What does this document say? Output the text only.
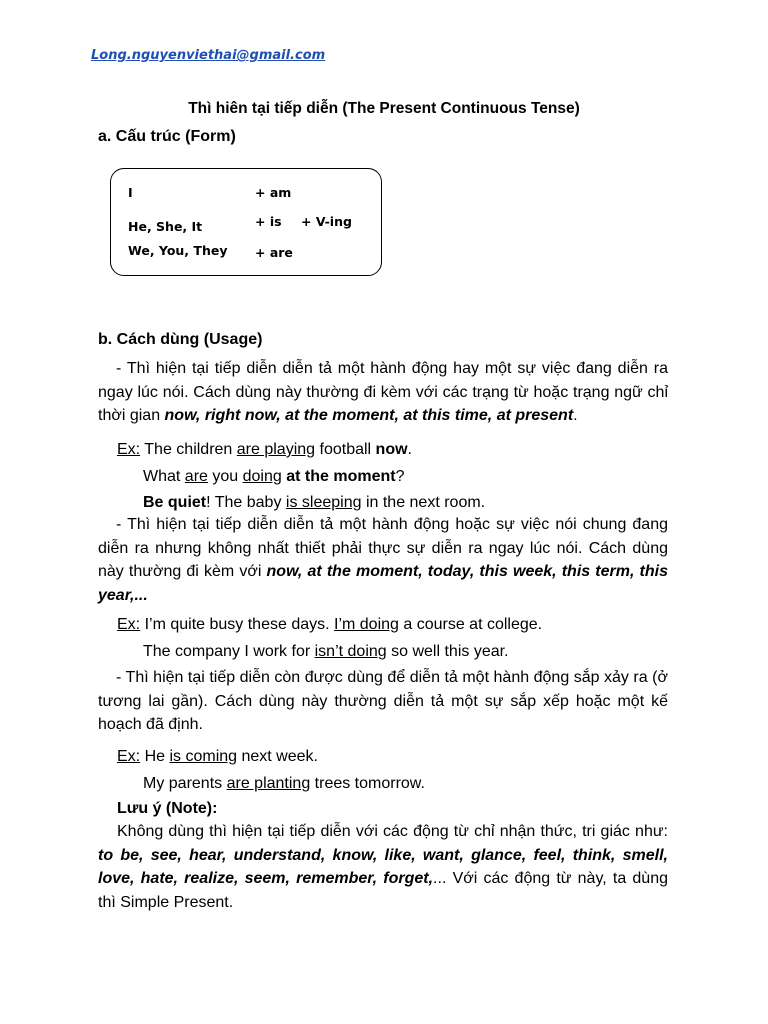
Long.nguyenviethai@gmail.com
Thì hiên tại tiếp diễn (The Present Continuous Tense)
a. Cấu trúc (Form)
I
He, She, It
We, You, They
+ am
+ is
+ are
+ V-ing
b. Cách dùng (Usage)
- Thì hiện tại tiếp diễn diễn tả một hành động hay một sự việc đang diễn ra ngay lúc nói. Cách dùng này thường đi kèm với các trạng từ hoặc trạng ngữ chỉ thời gian now, right now, at the moment, at this time, at present.
Ex: The children are playing football now.
What are you doing at the moment?
Be quiet! The baby is sleeping in the next room.
- Thì hiện tại tiếp diễn diễn tả một hành động hoặc sự việc nói chung đang diễn ra nhưng không nhất thiết phải thực sự diễn ra ngay lúc nói. Cách dùng này thường đi kèm với now, at the moment, today, this week, this term, this year,...
Ex: I’m quite busy these days. I’m doing a course at college.
The company I work for isn’t doing so well this year.
- Thì hiện tại tiếp diễn còn được dùng để diễn tả một hành động sắp xảy ra (ở tương lai gần). Cách dùng này thường diễn tả một sự sắp xếp hoặc một kế hoạch đã định.
Ex: He is coming next week.
My parents are planting trees tomorrow.
Lưu ý (Note):
Không dùng thì hiện tại tiếp diễn với các động từ chỉ nhận thức, tri giác như: to be, see, hear, understand, know, like, want, glance, feel, think, smell, love, hate, realize, seem, remember, forget,... Với các động từ này, ta dùng thì Simple Present.
